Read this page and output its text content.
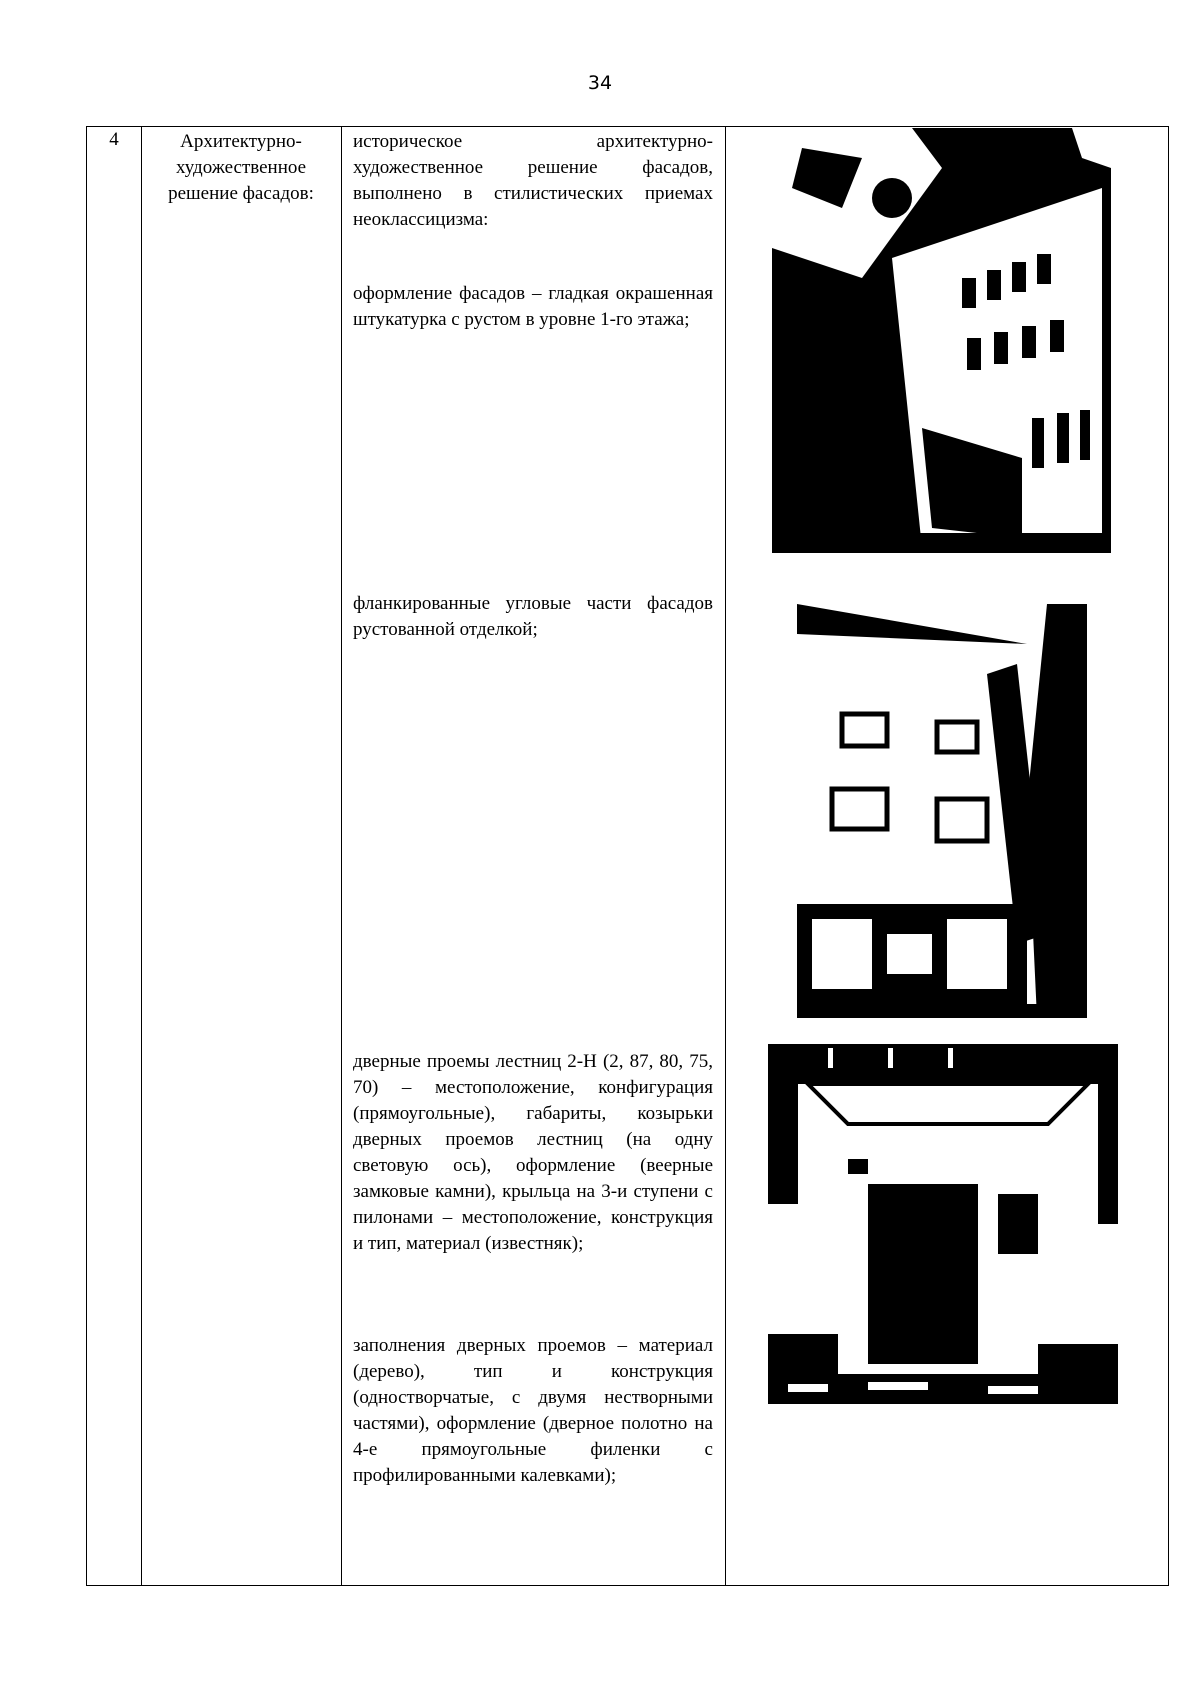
34
4	Архитектурно-художественное решение фасадов:
историческое архитектурно-художественное решение фасадов, выполнено в стилистических приемах неоклассицизма:
оформление фасадов – гладкая окрашенная штукатурка с рустом в уровне 1-го этажа;
фланкированные угловые части фасадов рустованной отделкой;
дверные проемы лестниц 2-Н (2, 87, 80, 75, 70) – местоположение, конфигурация (прямоугольные), габариты, козырьки дверных проемов лестниц (на одну световую ось), оформление (веерные замковые камни), крыльца на 3-и ступени с пилонами – местоположение, конструкция и тип, материал (известняк);
заполнения дверных проемов – материал (дерево), тип и конструкция (одностворчатые, с двумя нестворными частями), оформление (дверное полотно на 4-е прямоугольные филенки с профилированными калевками);
